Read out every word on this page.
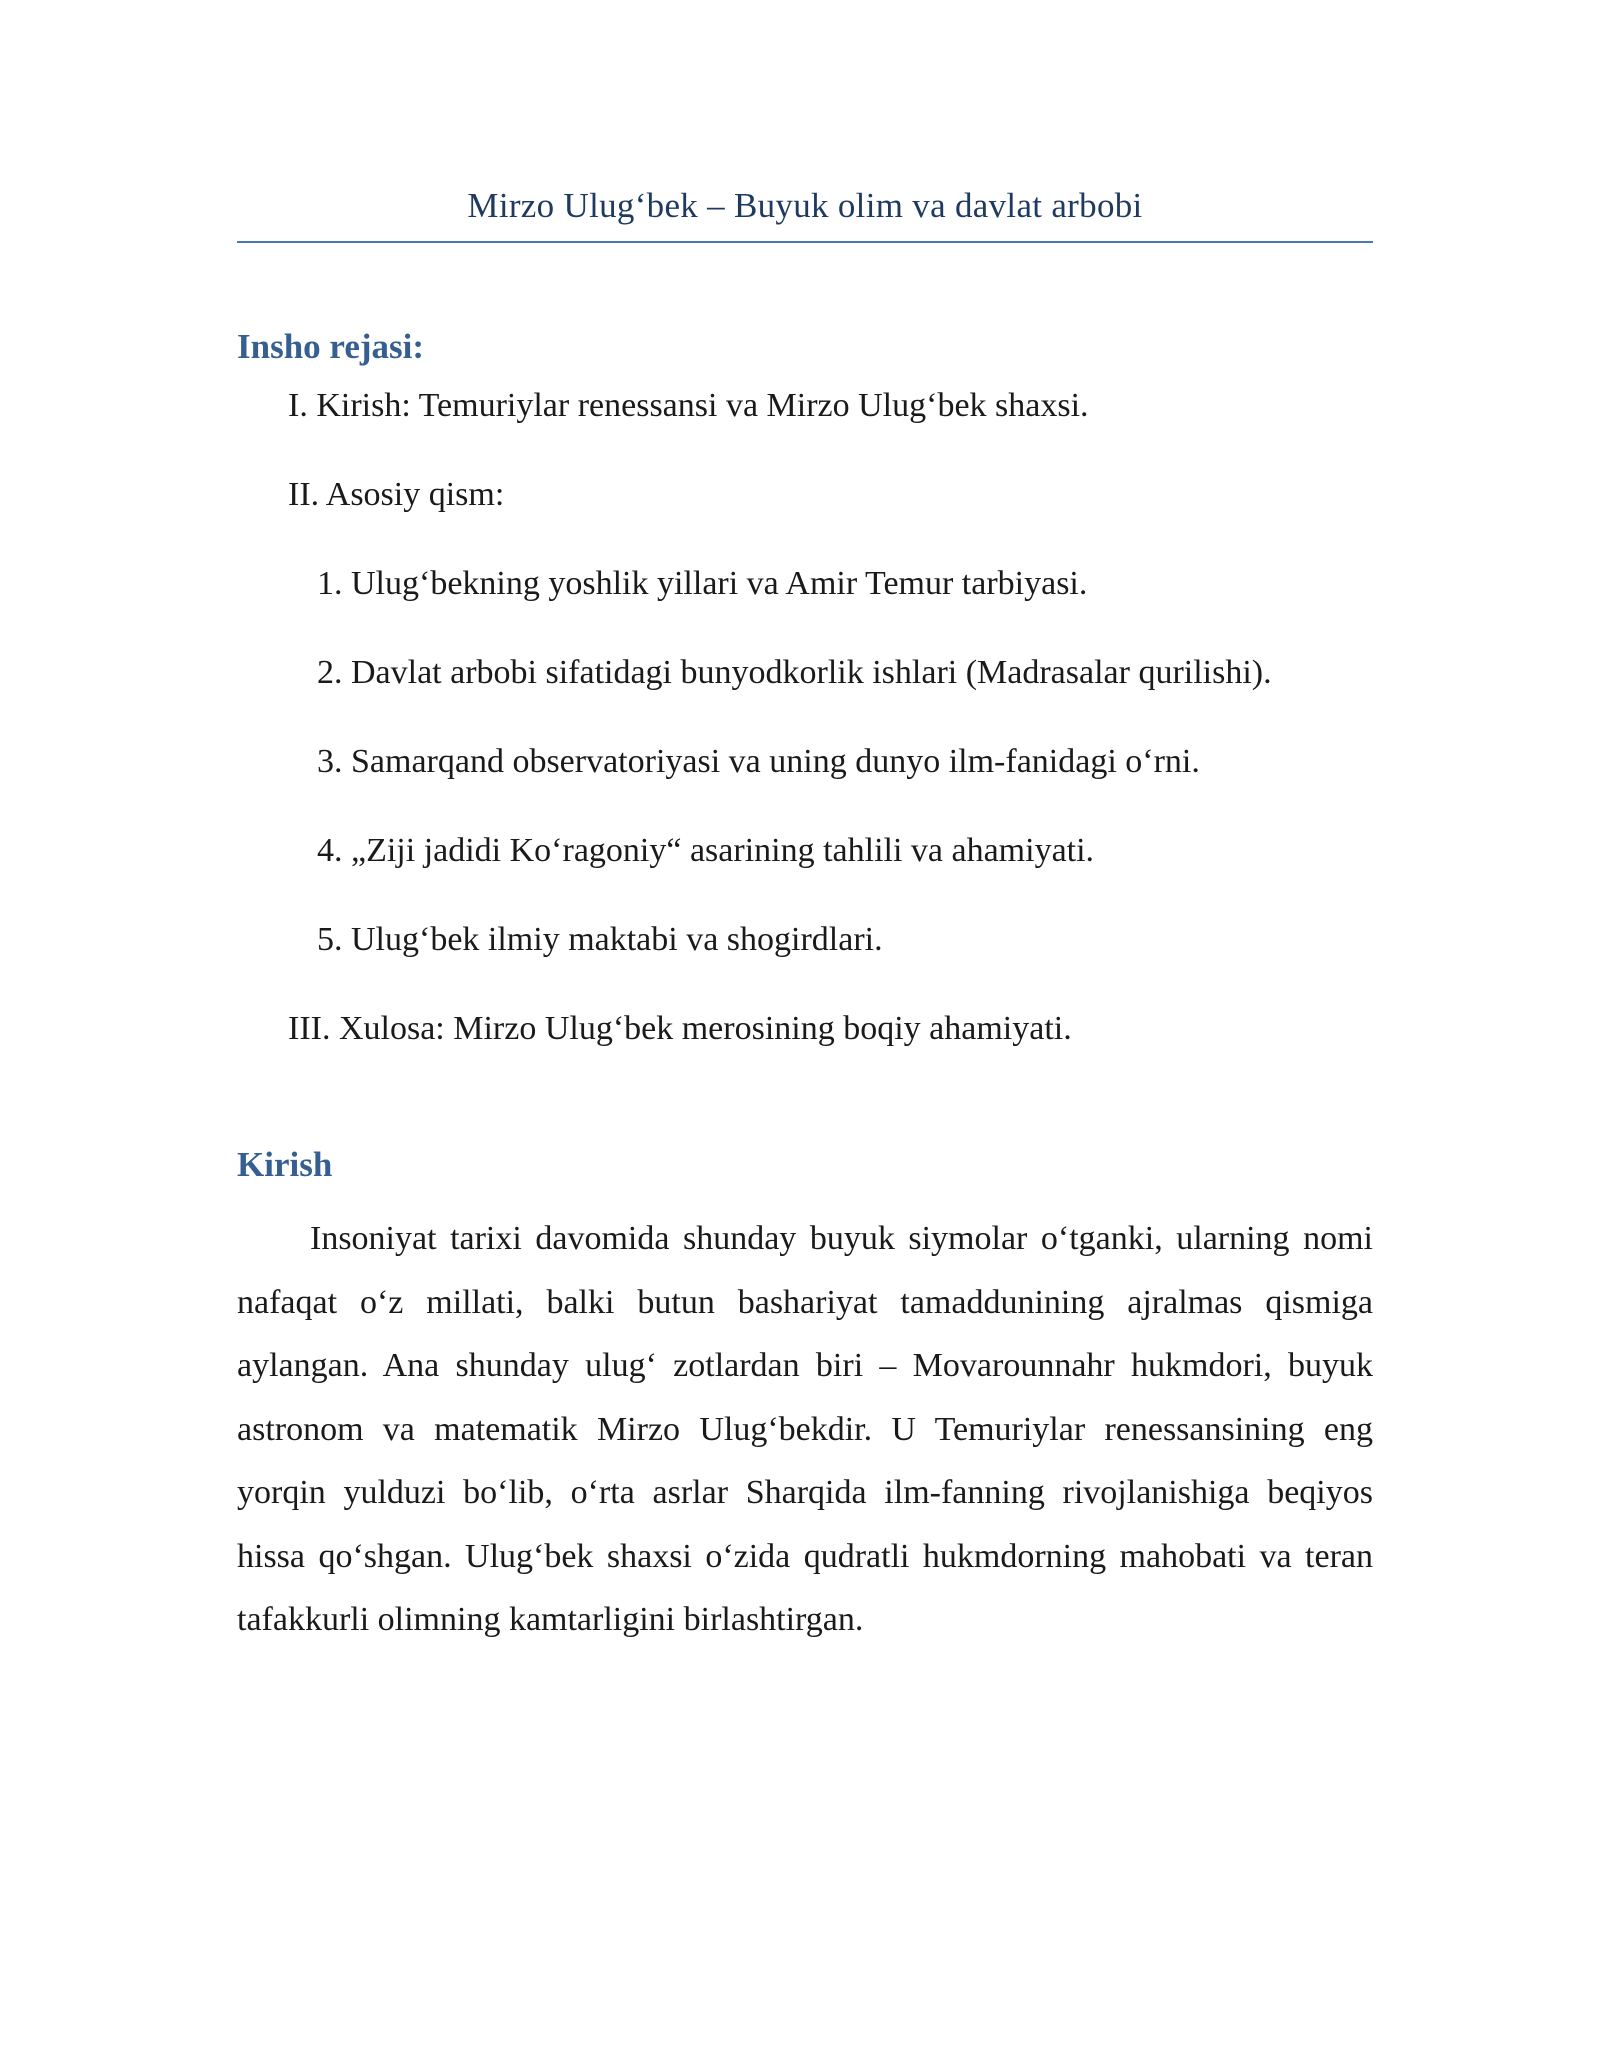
Mirzo Ulug‘bek – Buyuk olim va davlat arbobi
Insho rejasi:
I. Kirish: Temuriylar renessansi va Mirzo Ulug‘bek shaxsi.
II. Asosiy qism:
1. Ulug‘bekning yoshlik yillari va Amir Temur tarbiyasi.
2. Davlat arbobi sifatidagi bunyodkorlik ishlari (Madrasalar qurilishi).
3. Samarqand observatoriyasi va uning dunyo ilm-fanidagi o‘rni.
4. „Ziji jadidi Ko‘ragoniy“ asarining tahlili va ahamiyati.
5. Ulug‘bek ilmiy maktabi va shogirdlari.
III. Xulosa: Mirzo Ulug‘bek merosining boqiy ahamiyati.
Kirish
Insoniyat tarixi davomida shunday buyuk siymolar o‘tganki, ularning nomi nafaqat o‘z millati, balki butun bashariyat tamaddunining ajralmas qismiga aylangan. Ana shunday ulug‘ zotlardan biri – Movarounnahr hukmdori, buyuk astronom va matematik Mirzo Ulug‘bekdir. U Temuriylar renessansining eng yorqin yulduzi bo‘lib, o‘rta asrlar Sharqida ilm-fanning rivojlanishiga beqiyos hissa qo‘shgan. Ulug‘bek shaxsi o‘zida qudratli hukmdorning mahobati va teran tafakkurli olimning kamtarligini birlashtirgan.
